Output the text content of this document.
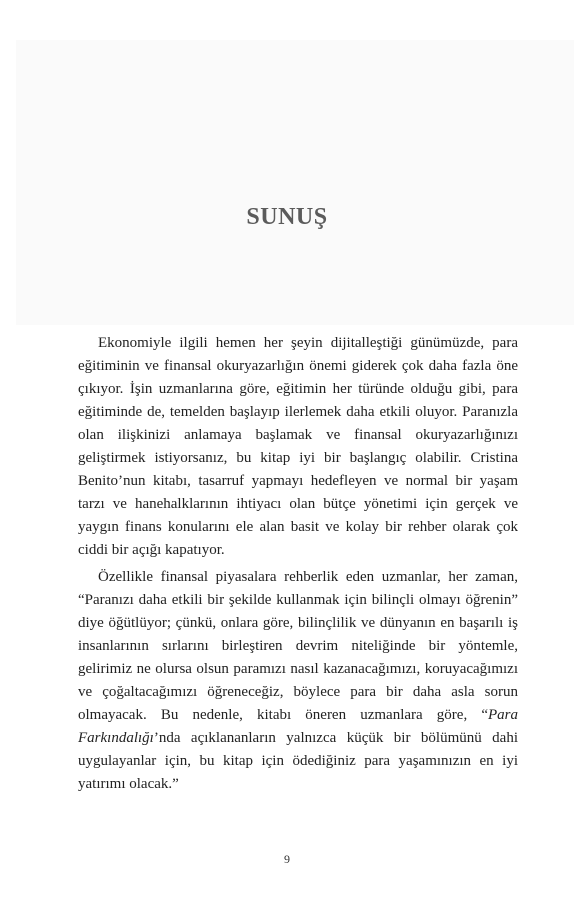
SUNUŞ

Ekonomiyle ilgili hemen her şeyin dijitalleştiği günümüzde, para eğitiminin ve finansal okuryazarlığın önemi giderek çok daha fazla öne çıkıyor. İşin uzmanlarına göre, eğitimin her türünde olduğu gibi, para eğitiminde de, temelden başlayıp ilerlemek daha etkili oluyor. Paranızla olan ilişkinizi anlamaya başlamak ve finansal okuryazarlığınızı geliştirmek istiyorsanız, bu kitap iyi bir başlangıç olabilir. Cristina Benito’nun kitabı, tasarruf yapmayı hedefleyen ve normal bir yaşam tarzı ve hanehalklarının ihtiyacı olan bütçe yönetimi için gerçek ve yaygın finans konularını ele alan basit ve kolay bir rehber olarak çok ciddi bir açığı kapatıyor.

Özellikle finansal piyasalara rehberlik eden uzmanlar, her zaman, “Paranızı daha etkili bir şekilde kullanmak için bilinçli olmayı öğrenin” diye öğütlüyor; çünkü, onlara göre, bilinçlilik ve dünyanın en başarılı iş insanlarının sırlarını birleştiren devrim niteliğinde bir yöntemle, gelirimiz ne olursa olsun paramızı nasıl kazanacağımızı, koruyacağımızı ve çoğaltacağımızı öğreneceğiz, böylece para bir daha asla sorun olmayacak. Bu nedenle, kitabı öneren uzmanlara göre, “Para Farkındalığı’nda açıklananların yalnızca küçük bir bölümünü dahi uygulayanlar için, bu kitap için ödediğiniz para yaşamınızın en iyi yatırımı olacak.”

9
